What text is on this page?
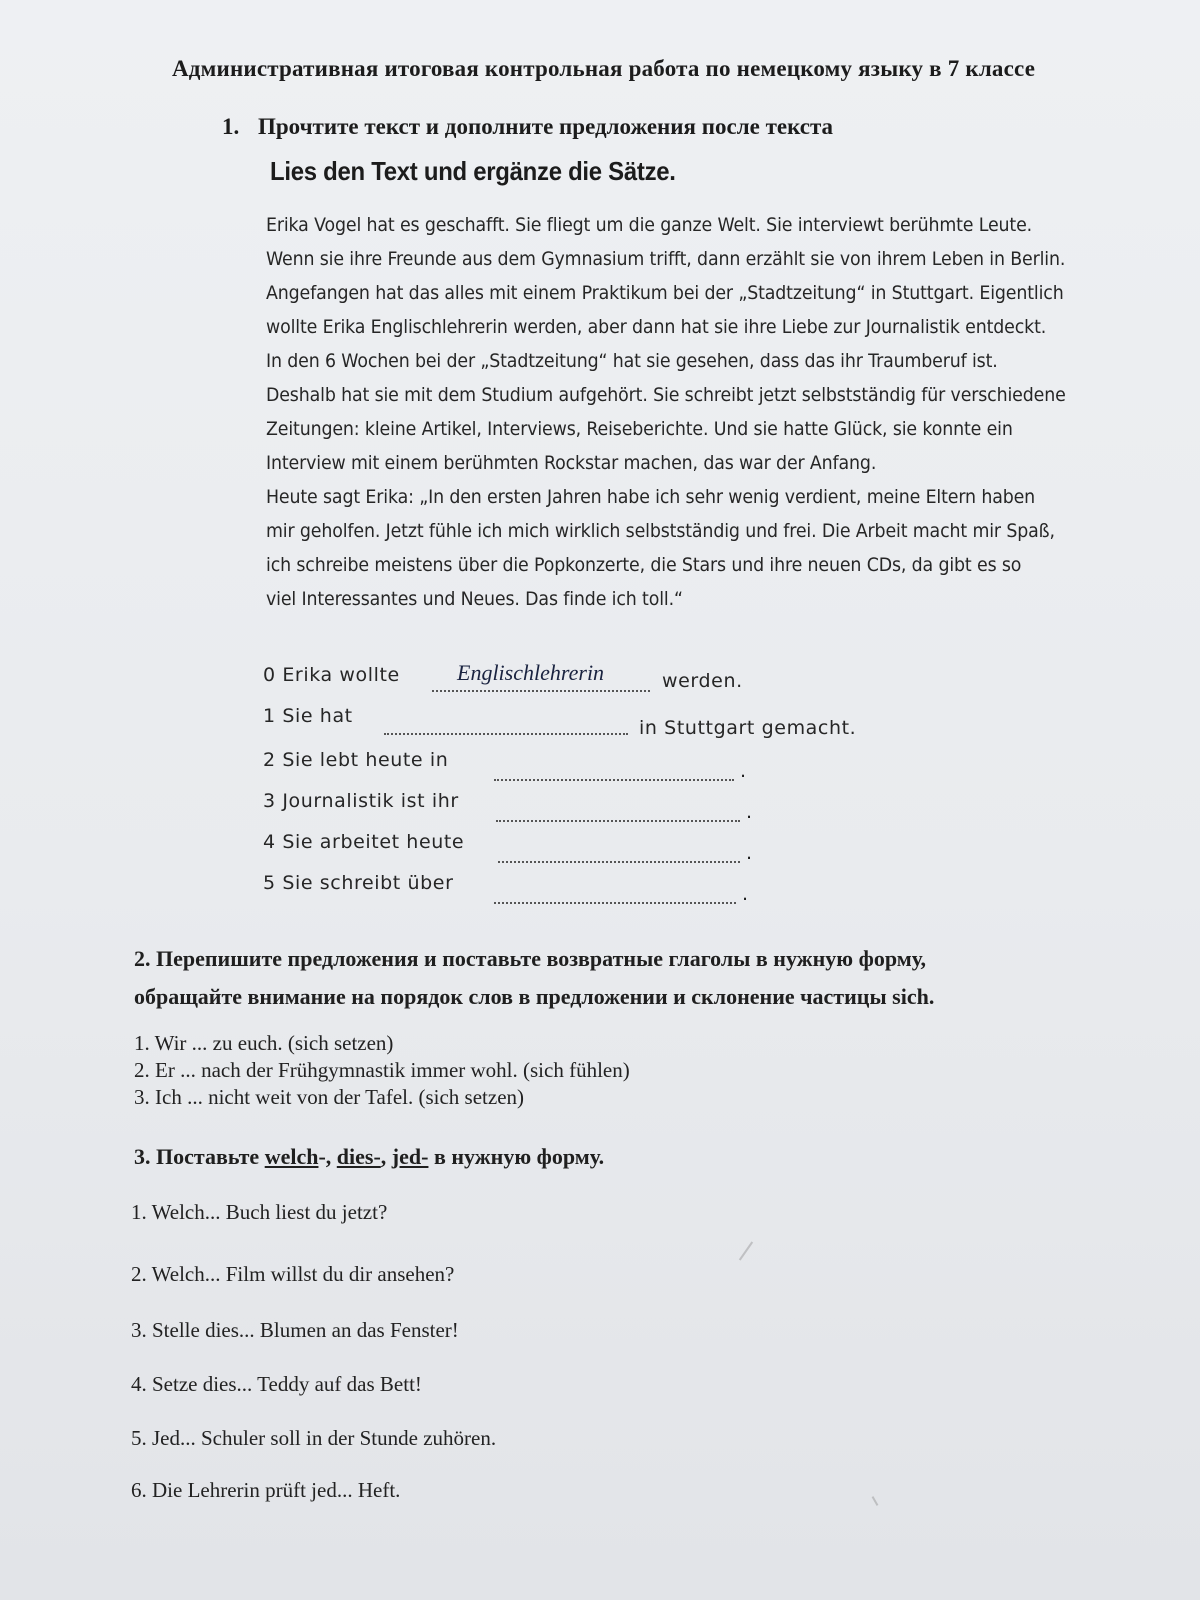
Административная итоговая контрольная работа по немецкому языку в 7 классе
1. Прочтите текст и дополните предложения после текста
Lies den Text und ergänze die Sätze.
Erika Vogel hat es geschafft. Sie fliegt um die ganze Welt. Sie interviewt berühmte Leute.
Wenn sie ihre Freunde aus dem Gymnasium trifft, dann erzählt sie von ihrem Leben in Berlin.
Angefangen hat das alles mit einem Praktikum bei der „Stadtzeitung“ in Stuttgart. Eigentlich
wollte Erika Englischlehrerin werden, aber dann hat sie ihre Liebe zur Journalistik entdeckt.
In den 6 Wochen bei der „Stadtzeitung“ hat sie gesehen, dass das ihr Traumberuf ist.
Deshalb hat sie mit dem Studium aufgehört. Sie schreibt jetzt selbstständig für verschiedene
Zeitungen: kleine Artikel, Interviews, Reiseberichte. Und sie hatte Glück, sie konnte ein
Interview mit einem berühmten Rockstar machen, das war der Anfang.
Heute sagt Erika: „In den ersten Jahren habe ich sehr wenig verdient, meine Eltern haben
mir geholfen. Jetzt fühle ich mich wirklich selbstständig und frei. Die Arbeit macht mir Spaß,
ich schreibe meistens über die Popkonzerte, die Stars und ihre neuen CDs, da gibt es so
viel Interessantes und Neues. Das finde ich toll.“
0 Erika wollte	Englischlehrerin	werden.
1 Sie hat
in Stuttgart gemacht.
2 Sie lebt heute in	.
3 Journalistik ist ihr	.
4 Sie arbeitet heute	.
5 Sie schreibt über	.
2. Перепишите предложения и поставьте возвратные глаголы в нужную форму,
обращайте внимание на порядок слов в предложении и склонение частицы sich.
1. Wir ... zu euch. (sich setzen)
2. Er ... nach der Frühgymnastik immer wohl. (sich fühlen)
3. Ich ... nicht weit von der Tafel. (sich setzen)
3. Поставьте welch-, dies-, jed- в нужную форму.
1. Welch... Buch liest du jetzt?
2. Welch... Film willst du dir ansehen?
3. Stelle dies... Blumen an das Fenster!
4. Setze dies... Teddy auf das Bett!
5. Jed... Schuler soll in der Stunde zuhören.
6. Die Lehrerin prüft jed... Heft.
